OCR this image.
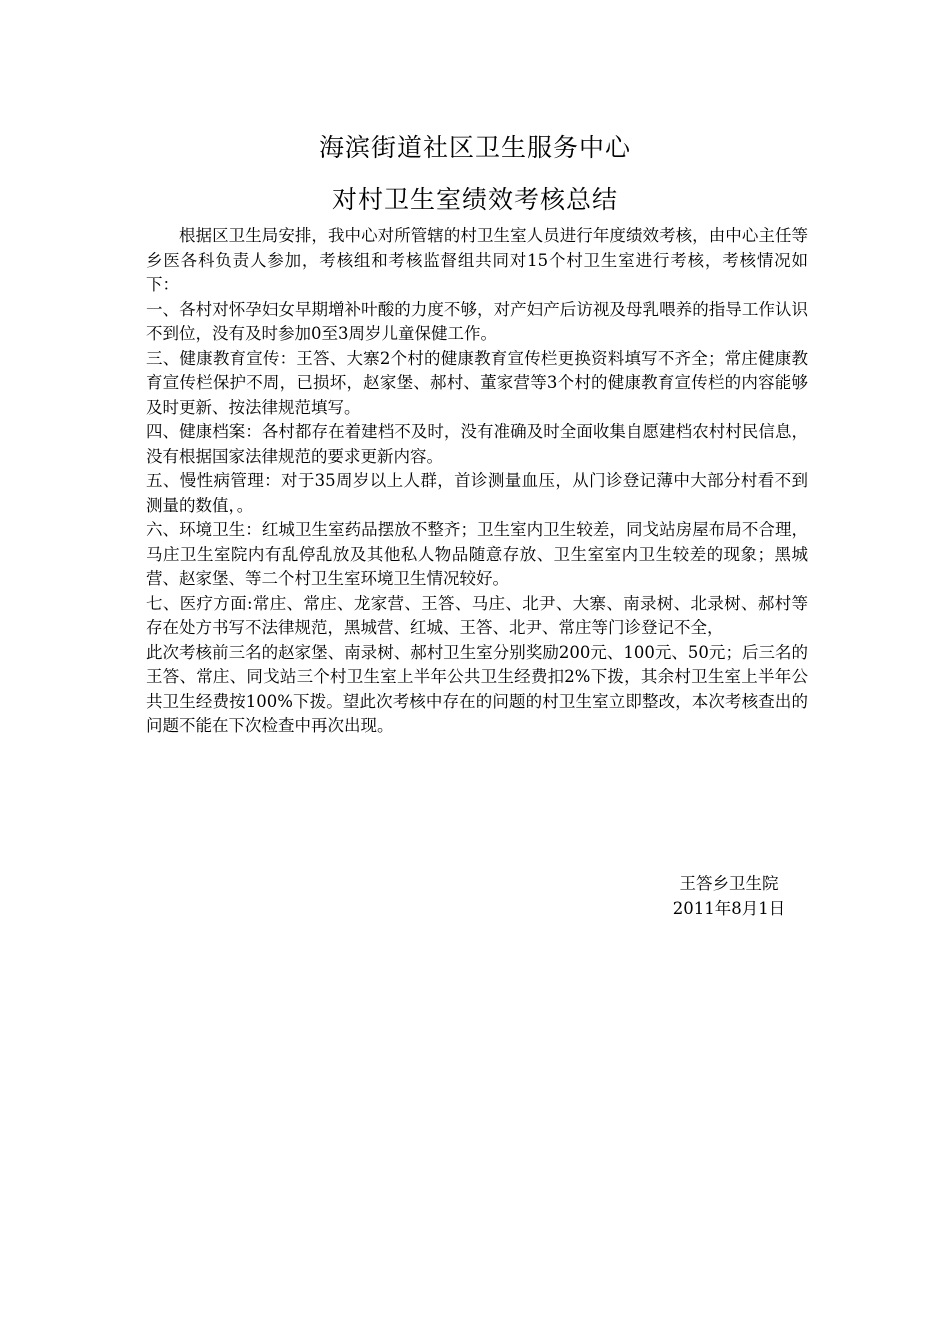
海滨街道社区卫生服务中心
对村卫生室绩效考核总结

根据区卫生局安排，我中心对所管辖的村卫生室人员进行年度绩效考核，由中心主任等乡医各科负责人参加，考核组和考核监督组共同对15个村卫生室进行考核，考核情况如下：

一、各村对怀孕妇女早期增补叶酸的力度不够，对产妇产后访视及母乳喂养的指导工作认识不到位，没有及时参加0至3周岁儿童保健工作。

三、健康教育宣传：王答、大寨2个村的健康教育宣传栏更换资料填写不齐全；常庄健康教育宣传栏保护不周，已损坏，赵家堡、郝村、董家营等3个村的健康教育宣传栏的内容能够及时更新、按法律规范填写。

四、健康档案：各村都存在着建档不及时，没有准确及时全面收集自愿建档农村村民信息，没有根据国家法律规范的要求更新内容。

五、慢性病管理：对于35周岁以上人群，首诊测量血压，从门诊登记薄中大部分村看不到测量的数值，。

六、环境卫生：红城卫生室药品摆放不整齐；卫生室内卫生较差，同戈站房屋布局不合理，马庄卫生室院内有乱停乱放及其他私人物品随意存放、卫生室室内卫生较差的现象；黑城营、赵家堡、等二个村卫生室环境卫生情况较好。

七、医疗方面:常庄、常庄、龙家营、王答、马庄、北尹、大寨、南录树、北录树、郝村等存在处方书写不法律规范，黑城营、红城、王答、北尹、常庄等门诊登记不全，

此次考核前三名的赵家堡、南录树、郝村卫生室分别奖励200元、100元、50元；后三名的王答、常庄、同戈站三个村卫生室上半年公共卫生经费扣2%下拨，其余村卫生室上半年公共卫生经费按100%下拨。望此次考核中存在的问题的村卫生室立即整改，本次考核查出的问题不能在下次检查中再次出现。

王答乡卫生院

2011年8月1日
